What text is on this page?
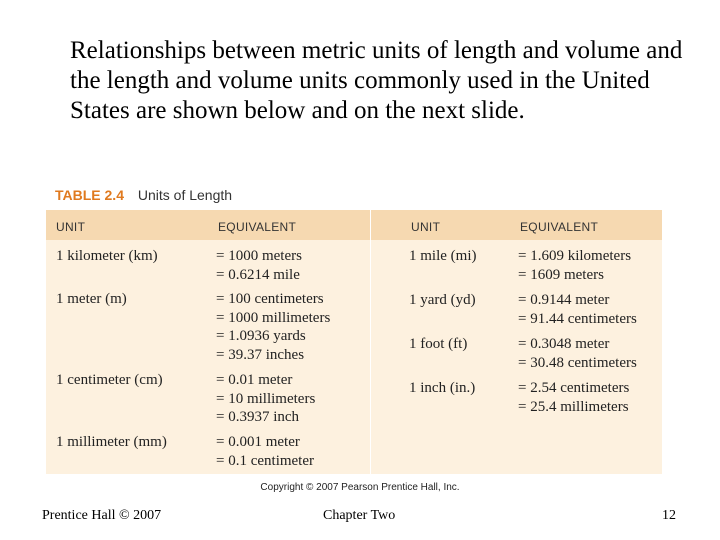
Relationships between metric units of length and volume and the length and volume units commonly used in the United States are shown below and on the next slide.

TABLE 2.4 Units of Length
UNIT	EQUIVALENT	UNIT	EQUIVALENT
1 kilometer (km)	= 1000 meters
= 0.6214 mile
1 meter (m)	= 100 centimeters
= 1000 millimeters
= 1.0936 yards
= 39.37 inches
1 centimeter (cm)	= 0.01 meter
= 10 millimeters
= 0.3937 inch
1 millimeter (mm)	= 0.001 meter
= 0.1 centimeter
1 mile (mi)	= 1.609 kilometers
= 1609 meters
1 yard (yd)	= 0.9144 meter
= 91.44 centimeters
1 foot (ft)	= 0.3048 meter
= 30.48 centimeters
1 inch (in.)	= 2.54 centimeters
= 25.4 millimeters
Copyright © 2007 Pearson Prentice Hall, Inc.
Prentice Hall © 2007	Chapter Two	12
